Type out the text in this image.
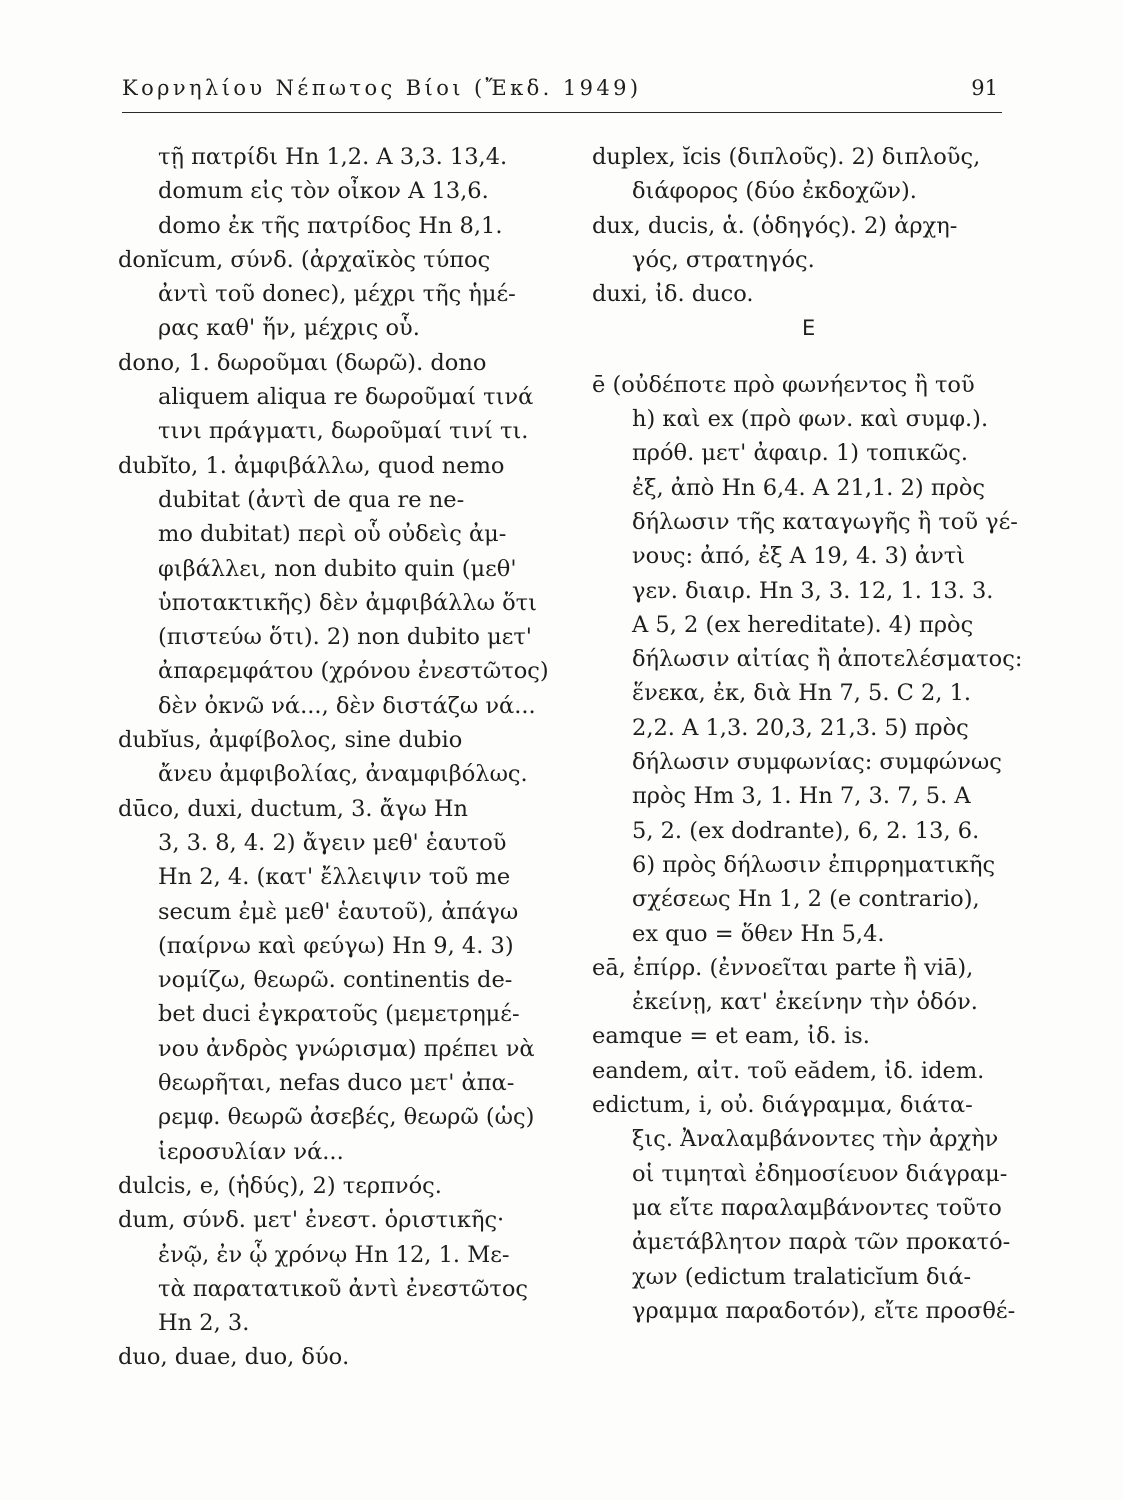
Κορνηλίου Νέπωτος Βίοι (Ἔκδ. 1949)	91
τῇ πατρίδι Hn 1,2. A 3,3. 13,4.
domum εἰς τὸν οἶκον A 13,6.
domo ἐκ τῆς πατρίδος Hn 8,1.
donĭcum, σύνδ. (ἀρχαϊκὸς τύπος
ἀντὶ τοῦ donec), μέχρι τῆς ἡμέ-
ρας καθ' ἥν, μέχρις οὗ.
dono, 1. δωροῦμαι (δωρῶ). dono
aliquem aliqua re δωροῦμαί τινά
τινι πράγματι, δωροῦμαί τινί τι.
dubĭto, 1. ἀμφιβάλλω, quod nemo
dubitat (ἀντὶ de qua re ne-
mo dubitat) περὶ οὗ οὐδεὶς ἀμ-
φιβάλλει, non dubito quin (μεθ'
ὑποτακτικῆς) δὲν ἀμφιβάλλω ὅτι
(πιστεύω ὅτι). 2) non dubito μετ'
ἀπαρεμφάτου (χρόνου ἐνεστῶτος)
δὲν ὀκνῶ νά..., δὲν διστάζω νά...
dubĭus, ἀμφίβολος, sine dubio
ἄνευ ἀμφιβολίας, ἀναμφιβόλως.
dūco, duxi, ductum, 3. ἄγω Hn
3, 3. 8, 4. 2) ἄγειν μεθ' ἑαυτοῦ
Hn 2, 4. (κατ' ἔλλειψιν τοῦ me
secum ἐμὲ μεθ' ἑαυτοῦ), ἀπάγω
(παίρνω καὶ φεύγω) Hn 9, 4. 3)
νομίζω, θεωρῶ. continentis de-
bet duci ἐγκρατοῦς (μεμετρημέ-
νου ἀνδρὸς γνώρισμα) πρέπει νὰ
θεωρῆται, nefas duco μετ' ἀπα-
ρεμφ. θεωρῶ ἀσεβές, θεωρῶ (ὡς)
ἱεροσυλίαν νά...
dulcis, e, (ἡδύς), 2) τερπνός.
dum, σύνδ. μετ' ἐνεστ. ὁριστικῆς·
ἐνῷ, ἐν ᾧ χρόνῳ Hn 12, 1. Με-
τὰ παρατατικοῦ ἀντὶ ἐνεστῶτος
Hn 2, 3.
duo, duae, duo, δύο.
duplex, ĭcis (διπλοῦς). 2) διπλοῦς,
διάφορος (δύο ἐκδοχῶν).
dux, ducis, ἁ. (ὁδηγός). 2) ἀρχη-
γός, στρατηγός.
duxi, ἰδ. duco.
E
ē (οὐδέποτε πρὸ φωνήεντος ἢ τοῦ
h) καὶ ex (πρὸ φων. καὶ συμφ.).
πρόθ. μετ' ἀφαιρ. 1) τοπικῶς.
ἐξ, ἀπὸ Hn 6,4. A 21,1. 2) πρὸς
δήλωσιν τῆς καταγωγῆς ἢ τοῦ γέ-
νους: ἀπό, ἐξ A 19, 4. 3) ἀντὶ
γεν. διαιρ. Hn 3, 3. 12, 1. 13. 3.
A 5, 2 (ex hereditate). 4) πρὸς
δήλωσιν αἰτίας ἢ ἀποτελέσματος:
ἕνεκα, ἐκ, διὰ Hn 7, 5. C 2, 1.
2,2. A 1,3. 20,3, 21,3. 5) πρὸς
δήλωσιν συμφωνίας: συμφώνως
πρὸς Hm 3, 1. Hn 7, 3. 7, 5. A
5, 2. (ex dodrante), 6, 2. 13, 6.
6) πρὸς δήλωσιν ἐπιρρηματικῆς
σχέσεως Hn 1, 2 (e contrario),
ex quo = ὅθεν Hn 5,4.
eā, ἐπίρρ. (ἐννοεῖται parte ἢ viā),
ἐκείνῃ, κατ' ἐκείνην τὴν ὁδόν.
eamque = et eam, ἰδ. is.
eandem, αἰτ. τοῦ eădem, ἰδ. idem.
edictum, i, οὐ. διάγραμμα, διάτα-
ξις. Ἀναλαμβάνοντες τὴν ἀρχὴν
οἱ τιμηταὶ ἐδημοσίευον διάγραμ-
μα εἴτε παραλαμβάνοντες τοῦτο
ἀμετάβλητον παρὰ τῶν προκατό-
χων (edictum tralaticĭum διά-
γραμμα παραδοτόν), εἴτε προσθέ-
